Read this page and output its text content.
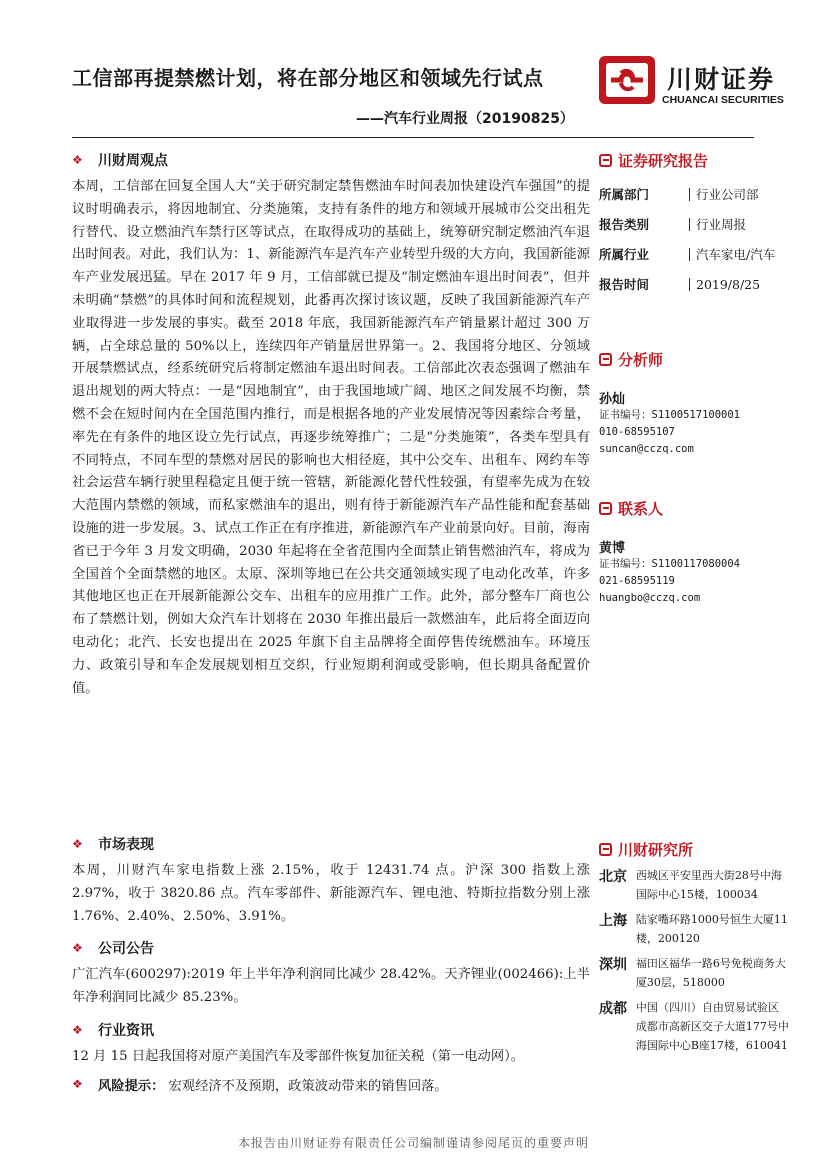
工信部再提禁燃计划，将在部分地区和领域先行试点
——汽车行业周报（20190825）
川财证券
CHUANCAI SECURITIES
❖ 川财周观点

本周，工信部在回复全国人大“关于研究制定禁售燃油车时间表加快建设汽车强国”的提议时明确表示，将因地制宜、分类施策，支持有条件的地方和领域开展城市公交出租先行替代、设立燃油汽车禁行区等试点，在取得成功的基础上，统筹研究制定燃油汽车退出时间表。对此，我们认为：1、新能源汽车是汽车产业转型升级的大方向，我国新能源车产业发展迅猛。早在 2017 年 9 月，工信部就已提及“制定燃油车退出时间表”，但并未明确“禁燃”的具体时间和流程规划，此番再次探讨该议题，反映了我国新能源汽车产业取得进一步发展的事实。截至 2018 年底，我国新能源汽车产销量累计超过 300 万辆，占全球总量的 50%以上，连续四年产销量居世界第一。2、我国将分地区、分领域开展禁燃试点，经系统研究后将制定燃油车退出时间表。工信部此次表态强调了燃油车退出规划的两大特点：一是“因地制宜”，由于我国地域广阔、地区之间发展不均衡，禁燃不会在短时间内在全国范围内推行，而是根据各地的产业发展情况等因素综合考量，率先在有条件的地区设立先行试点，再逐步统筹推广；二是“分类施策”，各类车型具有不同特点，不同车型的禁燃对居民的影响也大相径庭，其中公交车、出租车、网约车等社会运营车辆行驶里程稳定且便于统一管辖，新能源化替代性较强，有望率先成为在较大范围内禁燃的领域，而私家燃油车的退出，则有待于新能源汽车产品性能和配套基础设施的进一步发展。3、试点工作正在有序推进，新能源汽车产业前景向好。目前，海南省已于今年 3 月发文明确，2030 年起将在全省范围内全面禁止销售燃油汽车，将成为全国首个全面禁燃的地区。太原、深圳等地已在公共交通领域实现了电动化改革，许多其他地区也正在开展新能源公交车、出租车的应用推广工作。此外，部分整车厂商也公布了禁燃计划，例如大众汽车计划将在 2030 年推出最后一款燃油车，此后将全面迈向电动化；北汽、长安也提出在 2025 年旗下自主品牌将全面停售传统燃油车。环境压力、政策引导和车企发展规划相互交织，行业短期利润或受影响，但长期具备配置价值。

❖ 市场表现

本周，川财汽车家电指数上涨 2.15%，收于 12431.74 点。沪深 300 指数上涨 2.97%，收于 3820.86 点。汽车零部件、新能源汽车、锂电池、特斯拉指数分别上涨 1.76%、2.40%、2.50%、3.91%。

❖ 公司公告

广汇汽车(600297):2019 年上半年净利润同比减少 28.42%。天齐锂业(002466):上半年净利润同比减少 85.23%。

❖ 行业资讯

12 月 15 日起我国将对原产美国汽车及零部件恢复加征关税（第一电动网）。

❖ 风险提示： 宏观经济不及预期，政策波动带来的销售回落。
证券研究报告
所属部门	行业公司部
报告类别	行业周报
所属行业	汽车家电/汽车
报告时间	2019/8/25
分析师
孙灿
证书编号：S1100517100001
010-68595107
suncan@cczq.com
联系人
黄博
证书编号：S1100117080004
021-68595119
huangbo@cczq.com
川财研究所
北京 西城区平安里西大街28号中海国际中心15楼，100034
上海 陆家嘴环路1000号恒生大厦11楼，200120
深圳 福田区福华一路6号免税商务大厦30层，518000
成都 中国（四川）自由贸易试验区成都市高新区交子大道177号中海国际中心B座17楼，610041
本报告由川财证券有限责任公司编制谨请参阅尾页的重要声明
